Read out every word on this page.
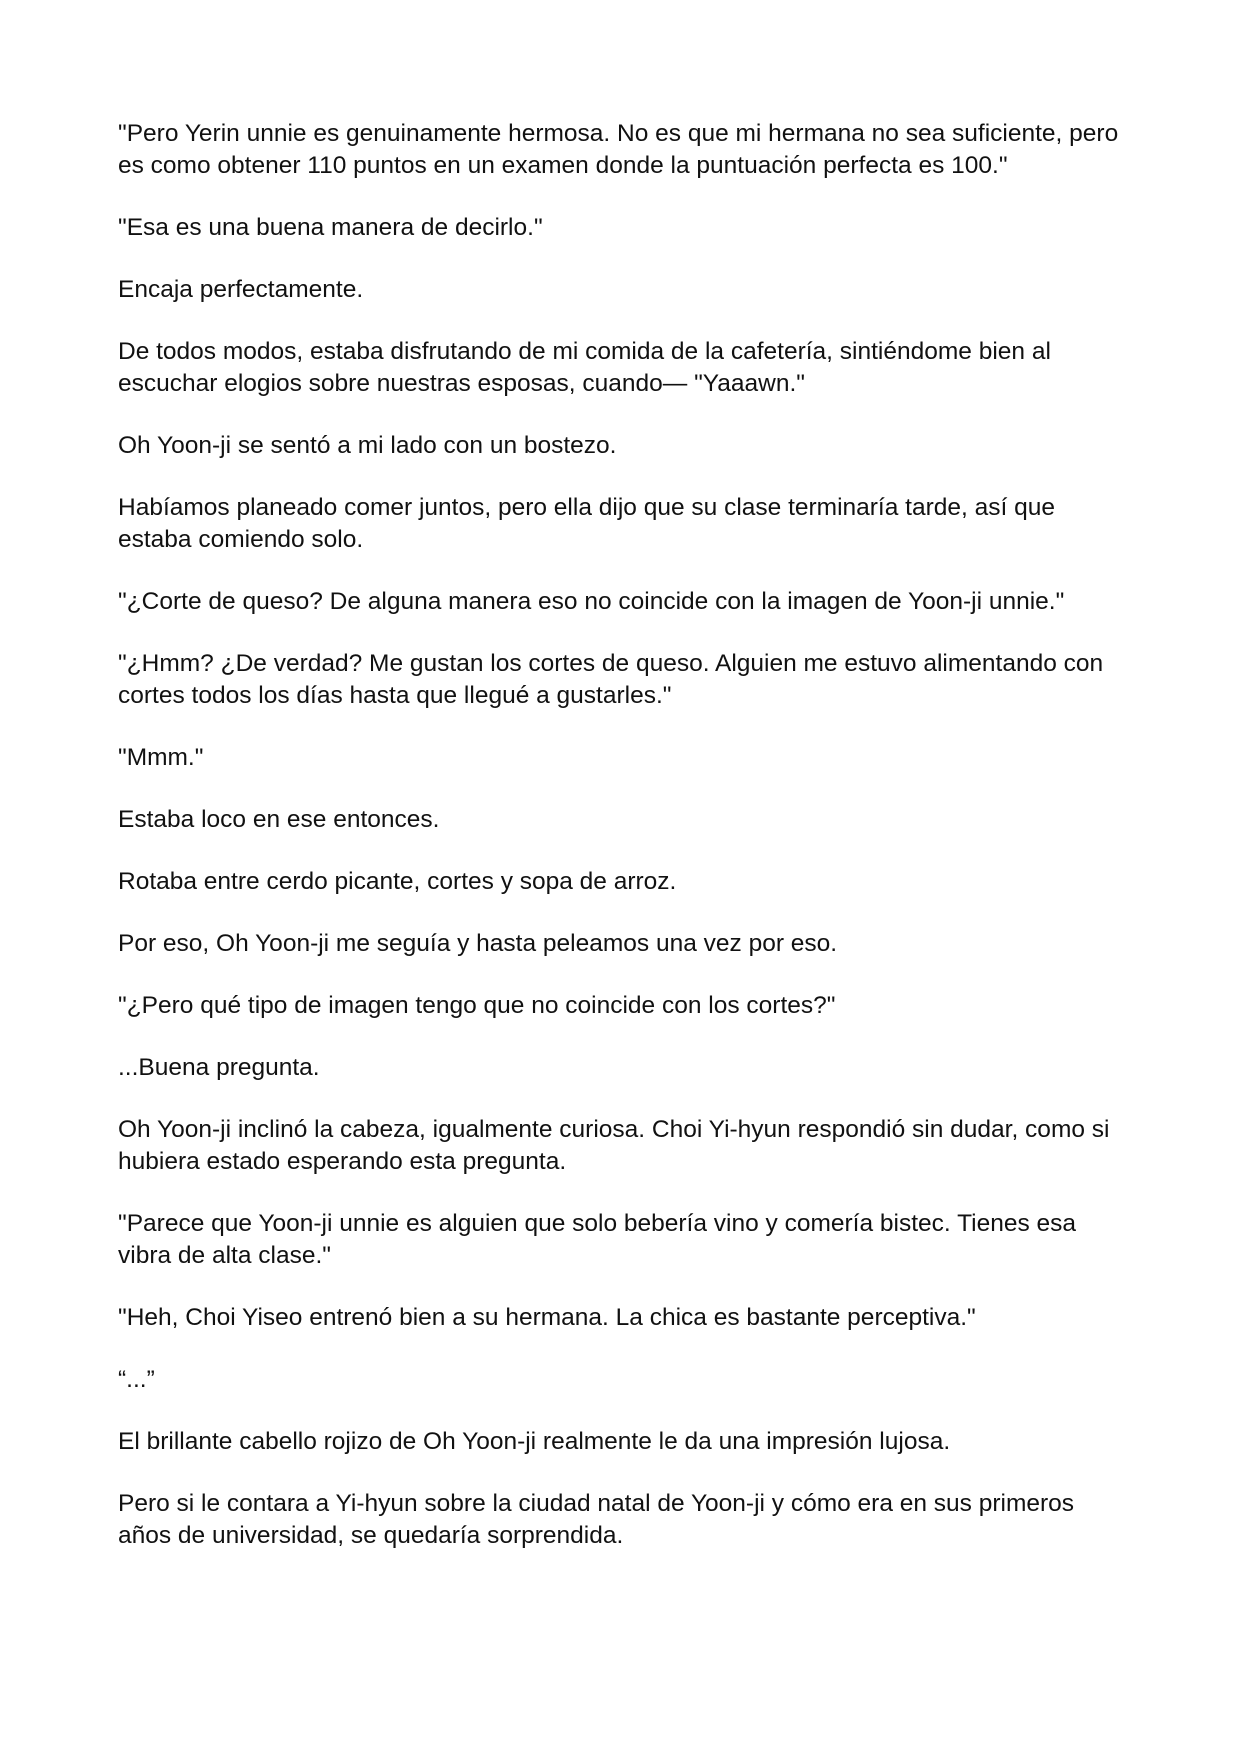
"Pero Yerin unnie es genuinamente hermosa. No es que mi hermana no sea suficiente, pero es como obtener 110 puntos en un examen donde la puntuación perfecta es 100."

"Esa es una buena manera de decirlo."

Encaja perfectamente.

De todos modos, estaba disfrutando de mi comida de la cafetería, sintiéndome bien al escuchar elogios sobre nuestras esposas, cuando— "Yaaawn."

Oh Yoon-ji se sentó a mi lado con un bostezo.

Habíamos planeado comer juntos, pero ella dijo que su clase terminaría tarde, así que estaba comiendo solo.

"¿Corte de queso? De alguna manera eso no coincide con la imagen de Yoon-ji unnie."

"¿Hmm? ¿De verdad? Me gustan los cortes de queso. Alguien me estuvo alimentando con cortes todos los días hasta que llegué a gustarles."

"Mmm."

Estaba loco en ese entonces.

Rotaba entre cerdo picante, cortes y sopa de arroz.

Por eso, Oh Yoon-ji me seguía y hasta peleamos una vez por eso.

"¿Pero qué tipo de imagen tengo que no coincide con los cortes?"

...Buena pregunta.

Oh Yoon-ji inclinó la cabeza, igualmente curiosa. Choi Yi-hyun respondió sin dudar, como si hubiera estado esperando esta pregunta.

"Parece que Yoon-ji unnie es alguien que solo bebería vino y comería bistec. Tienes esa vibra de alta clase."

"Heh, Choi Yiseo entrenó bien a su hermana. La chica es bastante perceptiva."

“...”

El brillante cabello rojizo de Oh Yoon-ji realmente le da una impresión lujosa.

Pero si le contara a Yi-hyun sobre la ciudad natal de Yoon-ji y cómo era en sus primeros años de universidad, se quedaría sorprendida.
